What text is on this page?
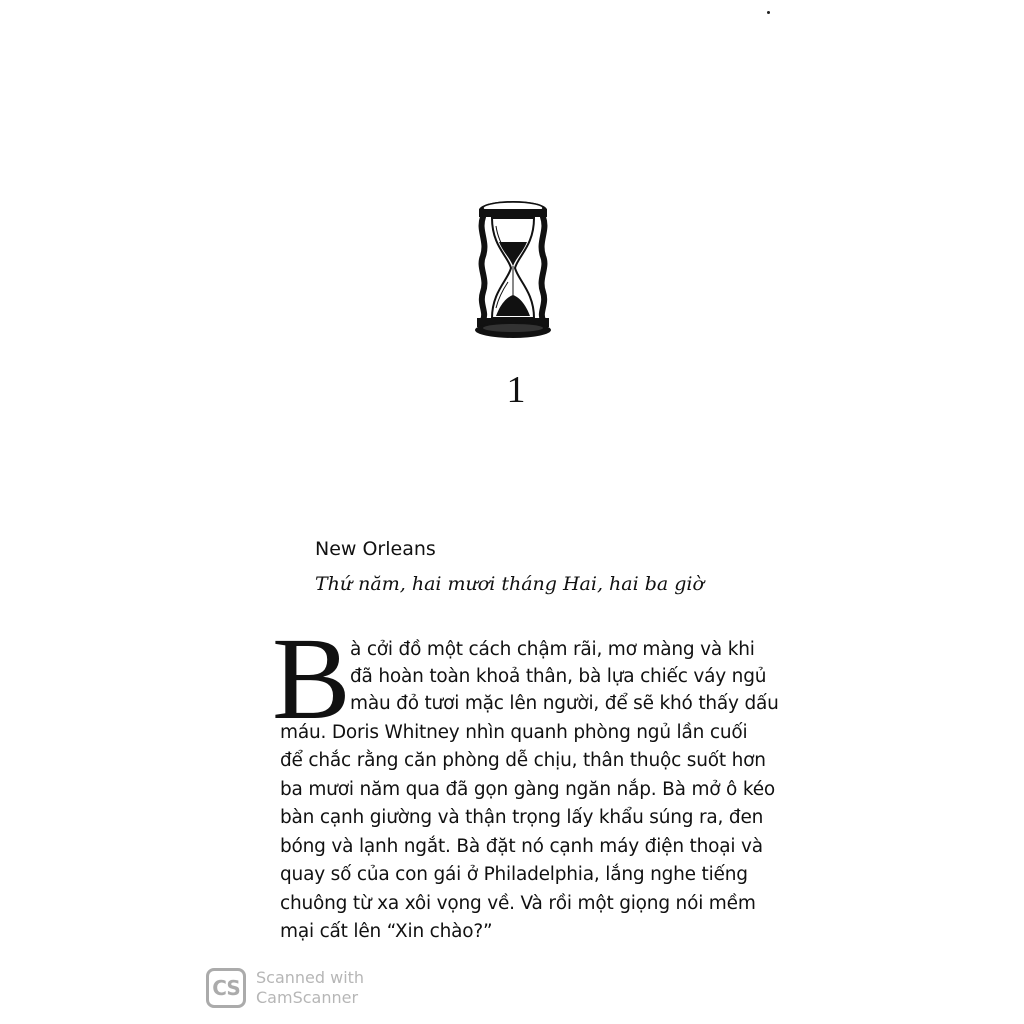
1
New Orleans
Thứ năm, hai mươi tháng Hai, hai ba giờ
B à cởi đồ một cách chậm rãi, mơ màng và khi
đã hoàn toàn khoả thân, bà lựa chiếc váy ngủ
màu đỏ tươi mặc lên người, để sẽ khó thấy dấu
máu. Doris Whitney nhìn quanh phòng ngủ lần cuối
để chắc rằng căn phòng dễ chịu, thân thuộc suốt hơn
ba mươi năm qua đã gọn gàng ngăn nắp. Bà mở ô kéo
bàn cạnh giường và thận trọng lấy khẩu súng ra, đen
bóng và lạnh ngắt. Bà đặt nó cạnh máy điện thoại và
quay số của con gái ở Philadelphia, lắng nghe tiếng
chuông từ xa xôi vọng về. Và rồi một giọng nói mềm
mại cất lên “Xin chào?”
CS	Scanned with
CamScanner
